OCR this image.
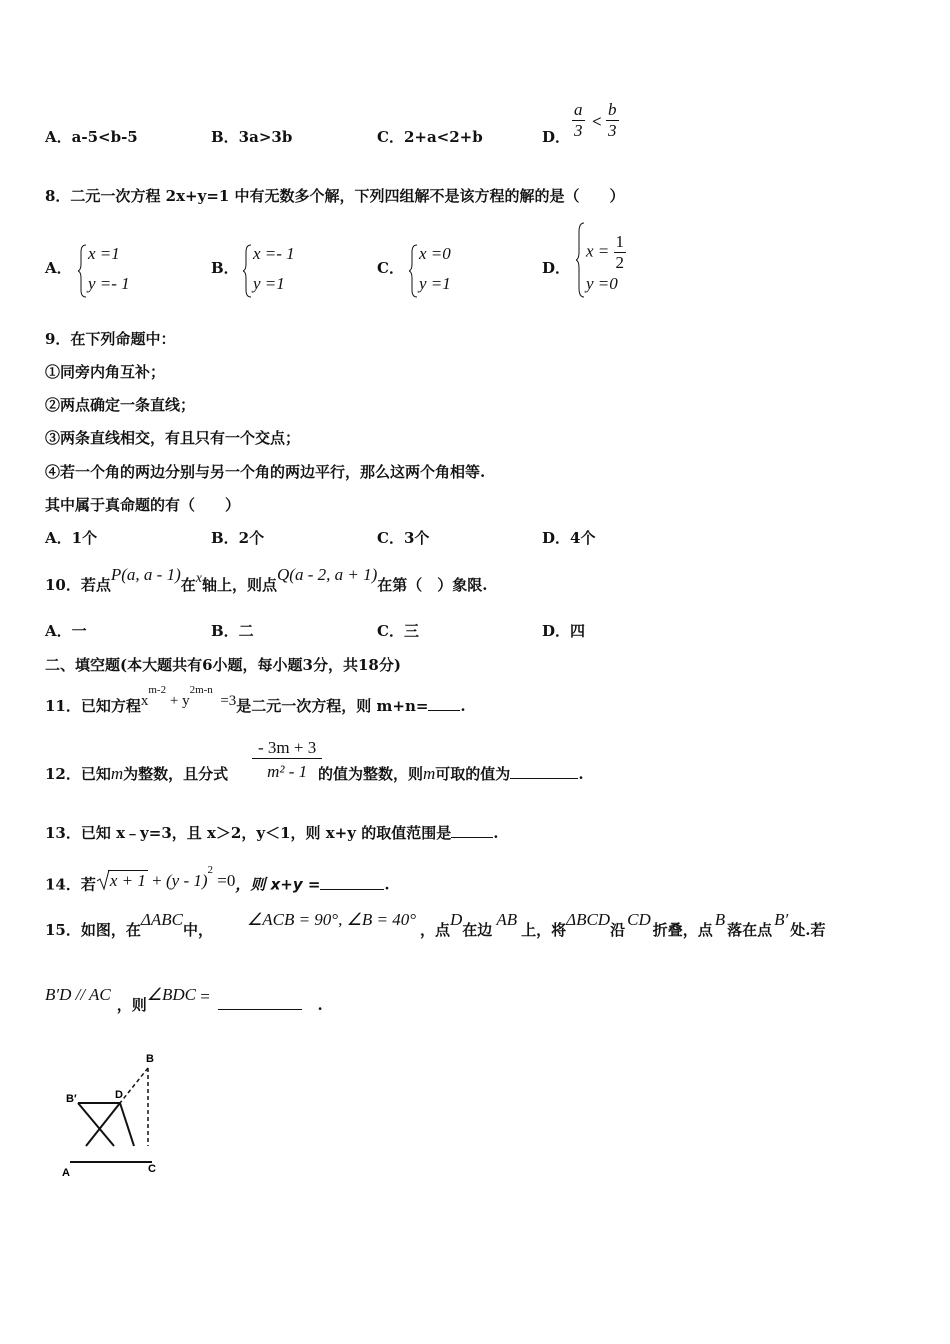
A．a-5<b-5	B．3a>3b	C．2+a<2+b	D． $\frac{a}{3} < \frac{b}{3}$
8．二元一次方程 2x+y=1 中有无数多个解，下列四组解不是该方程的解的是（　　）
A．
x =1
y =- 1
B．
x =- 1
y =1
C．
x =0
y =1
D．
$x = \frac{1}{2}$
y =0
9．在下列命题中：
①同旁内角互补；
②两点确定一条直线；
③两条直线相交，有且只有一个交点；
④若一个角的两边分别与另一个角的两边平行，那么这两个角相等.
其中属于真命题的有（　　）
A．1个	B．2个	C．3个	D．4个
10．若点P(a, a - 1)在x轴上，则点Q(a - 2, a + 1)在第（　）象限.
A．一	B．二	C．三	D．四
二、填空题(本大题共有6小题，每小题3分，共18分)
11．已知方程$x^{m-2} + y^{2m-n} =3$是二元一次方程，则 m+n= .
12．已知m为整数，且分式 $\frac{- 3m + 3}{\text{m² - 1}}$
的值为整数，则m可取的值为	.
13．已知 x﹣y=3，且 x＞2，y＜1，则 x+y 的取值范围是	.
14．若 x + 1 + (y - 1)$^2$ =0，则 x+y =	.
15．如图，在ΔABC中，∠ACB = 90°, ∠B = 40°，点D在边AB上，将ΔBCD沿CD折叠，点B落在点B′处.若
B′D // AC，则∠BDC =	.
B
B′	D
A	C
